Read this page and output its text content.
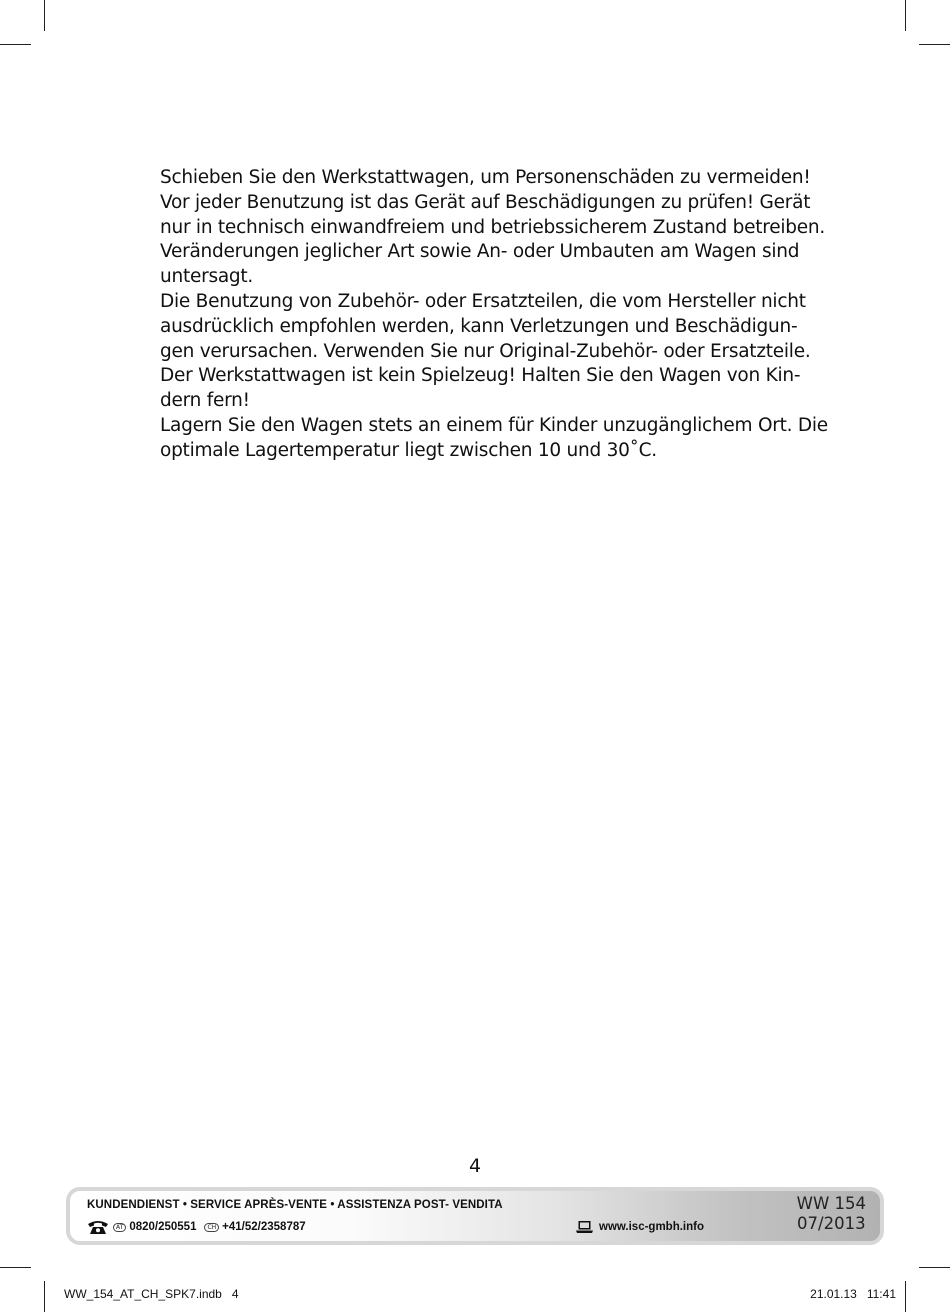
Schieben Sie den Werkstattwagen, um Personenschäden zu vermeiden!
Vor jeder Benutzung ist das Gerät auf Beschädigungen zu prüfen! Gerät
nur in technisch einwandfreiem und betriebssicherem Zustand betreiben.
Veränderungen jeglicher Art sowie An- oder Umbauten am Wagen sind
untersagt.
Die Benutzung von Zubehör- oder Ersatzteilen, die vom Hersteller nicht
ausdrücklich empfohlen werden, kann Verletzungen und Beschädigun-
gen verursachen. Verwenden Sie nur Original-Zubehör- oder Ersatzteile.
Der Werkstattwagen ist kein Spielzeug! Halten Sie den Wagen von Kin-
dern fern!
Lagern Sie den Wagen stets an einem für Kinder unzugänglichem Ort. Die
optimale Lagertemperatur liegt zwischen 10 und 30˚C.
4
KUNDENDIENST • SERVICE APRÈS-VENTE • ASSISTENZA POST- VENDITA
AT 0820/250551	CH +41/52/2358787	www.isc-gmbh.info
WW 154
07/2013
WW_154_AT_CH_SPK7.indb   4	21.01.13   11:41
